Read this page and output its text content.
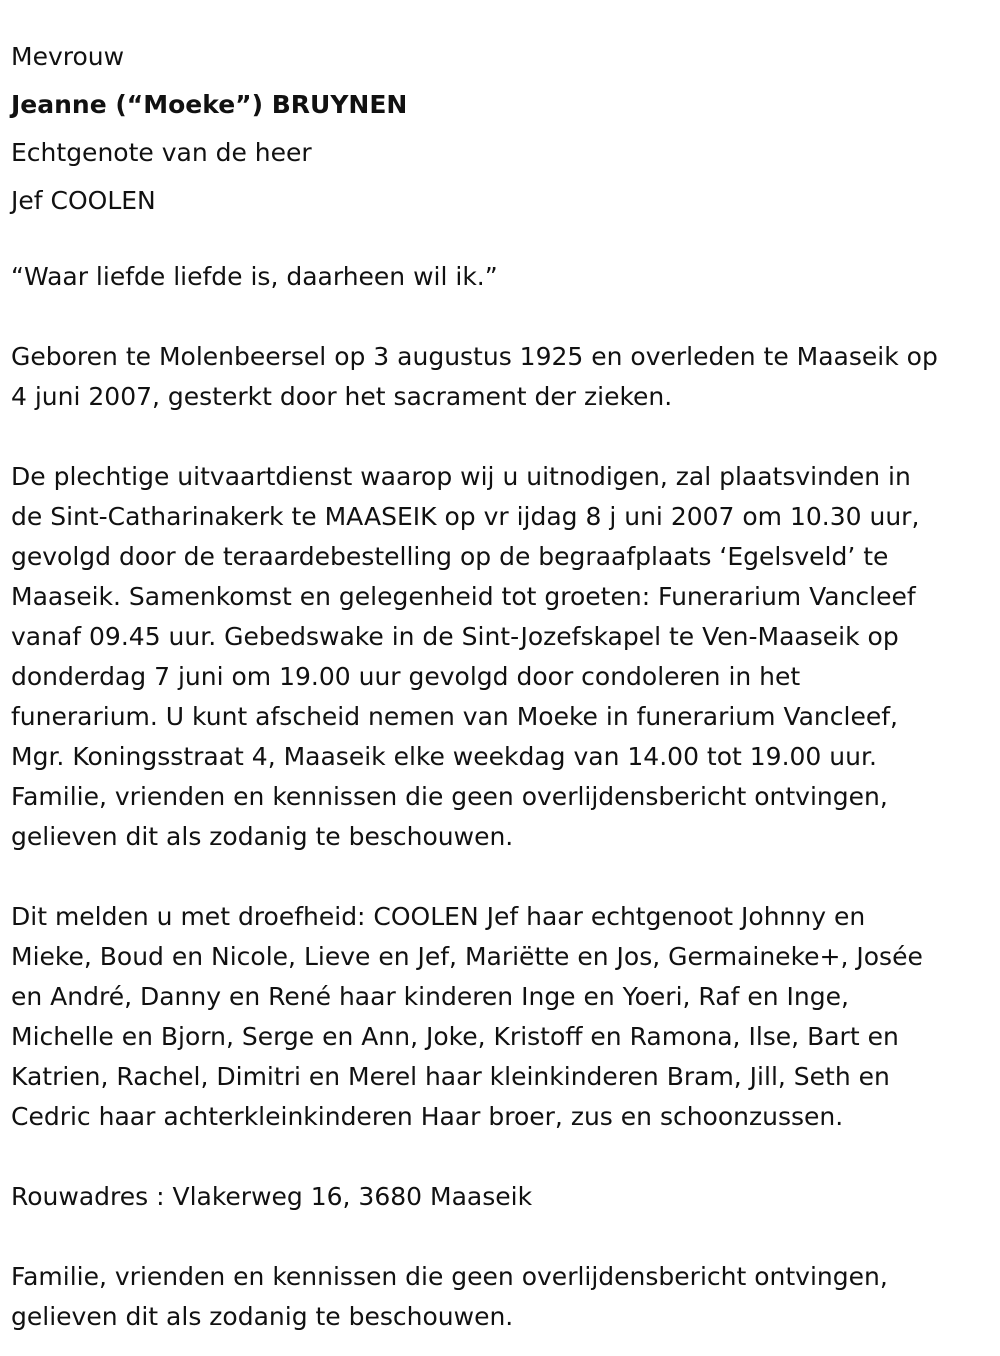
Mevrouw

Jeanne (“Moeke”) BRUYNEN

Echtgenote van de heer

Jef COOLEN

“Waar liefde liefde is, daarheen wil ik.”

Geboren te Molenbeersel op 3 augustus 1925 en overleden te Maaseik op
4 juni 2007, gesterkt door het sacrament der zieken.
De plechtige uitvaartdienst waarop wij u uitnodigen, zal plaatsvinden in
de Sint-Catharinakerk te MAASEIK op vr ijdag 8 j uni 2007 om 10.30 uur,
gevolgd door de teraardebestelling op de begraafplaats ‘Egelsveld’ te
Maaseik. Samenkomst en gelegenheid tot groeten: Funerarium Vancleef
vanaf 09.45 uur. Gebedswake in de Sint-Jozefskapel te Ven-Maaseik op
donderdag 7 juni om 19.00 uur gevolgd door condoleren in het
funerarium. U kunt afscheid nemen van Moeke in funerarium Vancleef,
Mgr. Koningsstraat 4, Maaseik elke weekdag van 14.00 tot 19.00 uur.
Familie, vrienden en kennissen die geen overlijdensbericht ontvingen,
gelieven dit als zodanig te beschouwen.
Dit melden u met droefheid: COOLEN Jef haar echtgenoot Johnny en
Mieke, Boud en Nicole, Lieve en Jef, Mariëtte en Jos, Germaineke+, Josée
en André, Danny en René haar kinderen Inge en Yoeri, Raf en Inge,
Michelle en Bjorn, Serge en Ann, Joke, Kristoff en Ramona, Ilse, Bart en
Katrien, Rachel, Dimitri en Merel haar kleinkinderen Bram, Jill, Seth en
Cedric haar achterkleinkinderen Haar broer, zus en schoonzussen.

Rouwadres : Vlakerweg 16, 3680 Maaseik

Familie, vrienden en kennissen die geen overlijdensbericht ontvingen,
gelieven dit als zodanig te beschouwen.
